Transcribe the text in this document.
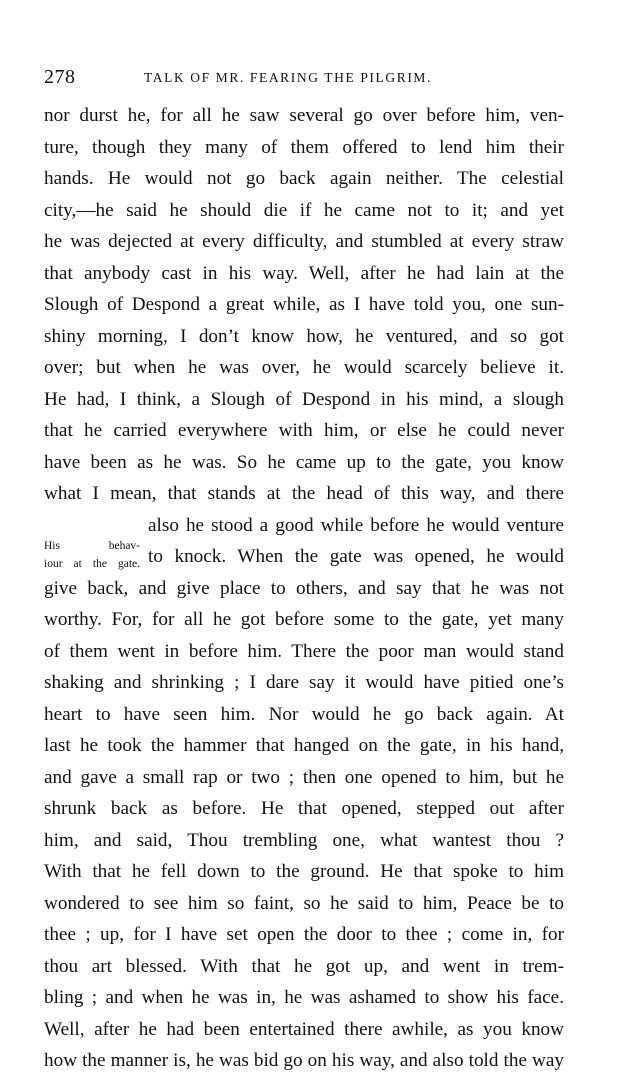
278	TALK OF MR. FEARING THE PILGRIM.
His behav-
iour at the gate.
nor durst he, for all he saw several go over before him, ven-
ture, though they many of them offered to lend him their
hands. He would not go back again neither. The celestial
city,—he said he should die if he came not to it; and yet
he was dejected at every difficulty, and stumbled at every straw
that anybody cast in his way. Well, after he had lain at the
Slough of Despond a great while, as I have told you, one sun-
shiny morning, I don’t know how, he ventured, and so got
over; but when he was over, he would scarcely believe it.
He had, I think, a Slough of Despond in his mind, a slough
that he carried everywhere with him, or else he could never
have been as he was. So he came up to the gate, you know
what I mean, that stands at the head of this way, and there
also he stood a good while before he would venture
to knock. When the gate was opened, he would
give back, and give place to others, and say that he was not
worthy. For, for all he got before some to the gate, yet many
of them went in before him. There the poor man would stand
shaking and shrinking ; I dare say it would have pitied one’s
heart to have seen him. Nor would he go back again. At
last he took the hammer that hanged on the gate, in his hand,
and gave a small rap or two ; then one opened to him, but he
shrunk back as before. He that opened, stepped out after
him, and said, Thou trembling one, what wantest thou ?
With that he fell down to the ground. He that spoke to him
wondered to see him so faint, so he said to him, Peace be to
thee ; up, for I have set open the door to thee ; come in, for
thou art blessed. With that he got up, and went in trem-
bling ; and when he was in, he was ashamed to show his face.
Well, after he had been entertained there awhile, as you know
how the manner is, he was bid go on his way, and also told the way
